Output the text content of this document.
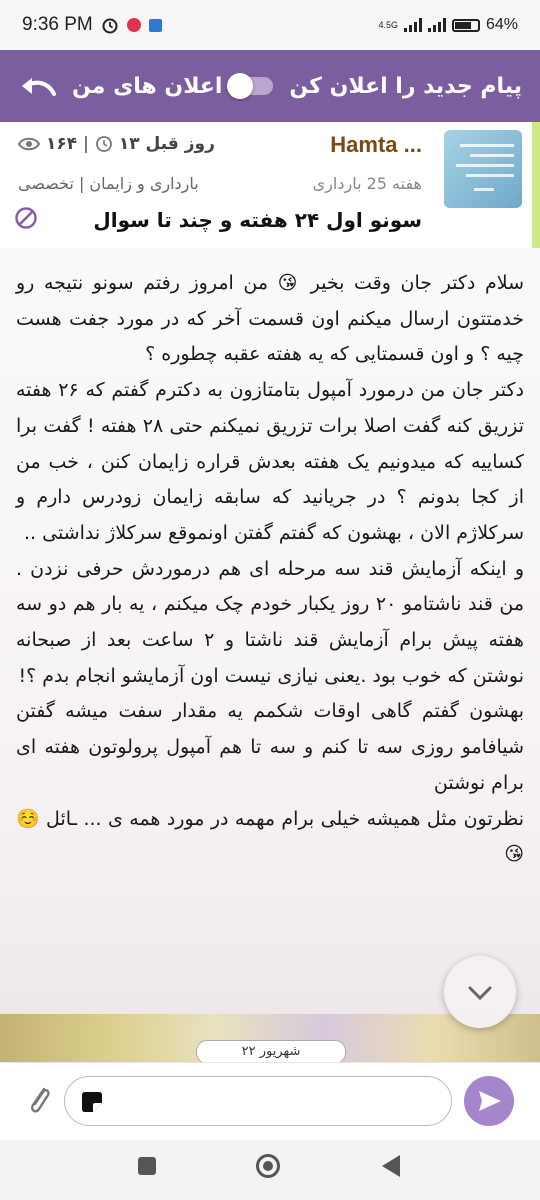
9:36 PM	4.5G	64%
اعلان های من	پیام جدید را اعلان کن
Hamta ...
۱۶۴ | ۱۳ روز قبل
هفته 25 بارداری
بارداری و زایمان | تخصصی
سونو اول ۲۴ هفته و چند تا سوال
سلام دکتر جان وقت بخیر 😘 من امروز رفتم سونو نتیجه رو خدمتتون ارسال میکنم اون قسمت آخر که در مورد جفت هست چیه ؟ و اون قسمتایی که یه هفته عقبه چطوره ؟
دکتر جان من درمورد آمپول بتامتازون به دکترم گفتم که ۲۶ هفته تزریق کنه گفت اصلا برات تزریق نمیکنم حتی ۲۸ هفته ! گفت برا کساییه که میدونیم یک هفته بعدش قراره زایمان کنن ، خب من از کجا بدونم ؟ در جریانید که سابقه زایمان زودرس دارم و سرکلاژم الان ، بهشون که گفتم گفتن اونموقع سرکلاژ نداشتی ..
و اینکه آزمایش قند سه مرحله ای هم درموردش حرفی نزدن . من قند ناشتامو ۲۰ روز یکبار خودم چک میکنم ، یه بار هم دو سه هفته پیش برام آزمایش قند ناشتا و ۲ ساعت بعد از صبحانه نوشتن که خوب بود .یعنی نیازی نیست اون آزمایشو انجام بدم ؟!
بهشون گفتم گاهی اوقات شکمم یه مقدار سفت میشه گفتن شیافامو روزی سه تا کنم و سه تا هم آمپول پرولوتون هفته ای برام نوشتن
نظرتون مثل همیشه خیلی برام مهمه در مورد همه ی ... ـائل ☺️😘
۲۲ شهریور
